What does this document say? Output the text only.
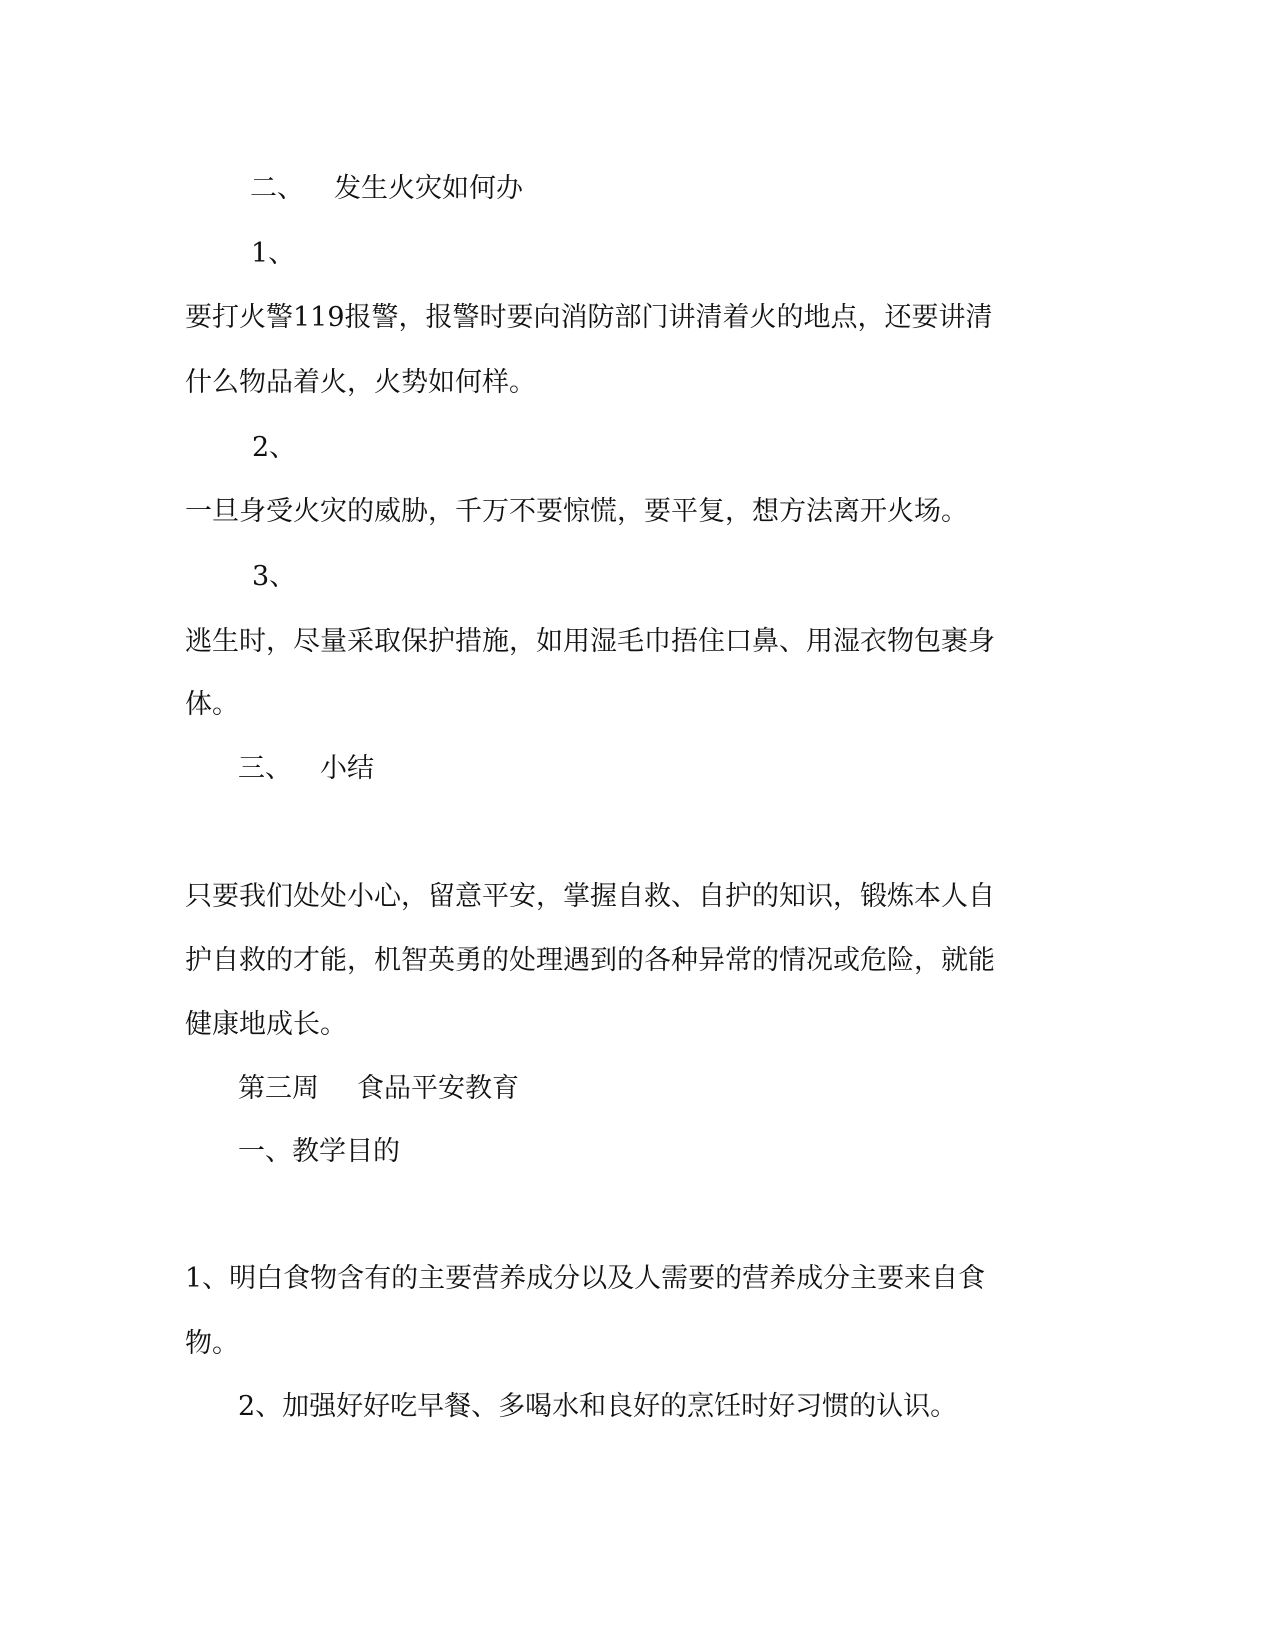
二、 发生火灾如何办
1、
要打火警119报警，报警时要向消防部门讲清着火的地点，还要讲清
什么物品着火，火势如何样。
2、
一旦身受火灾的威胁，千万不要惊慌，要平复，想方法离开火场。
3、
逃生时，尽量采取保护措施，如用湿毛巾捂住口鼻、用湿衣物包裹身
体。
三、 小结
只要我们处处小心，留意平安，掌握自救、自护的知识，锻炼本人自
护自救的才能，机智英勇的处理遇到的各种异常的情况或危险，就能
健康地成长。
第三周 食品平安教育
一、教学目的
1、明白食物含有的主要营养成分以及人需要的营养成分主要来自食
物。
2、加强好好吃早餐、多喝水和良好的烹饪时好习惯的认识。
